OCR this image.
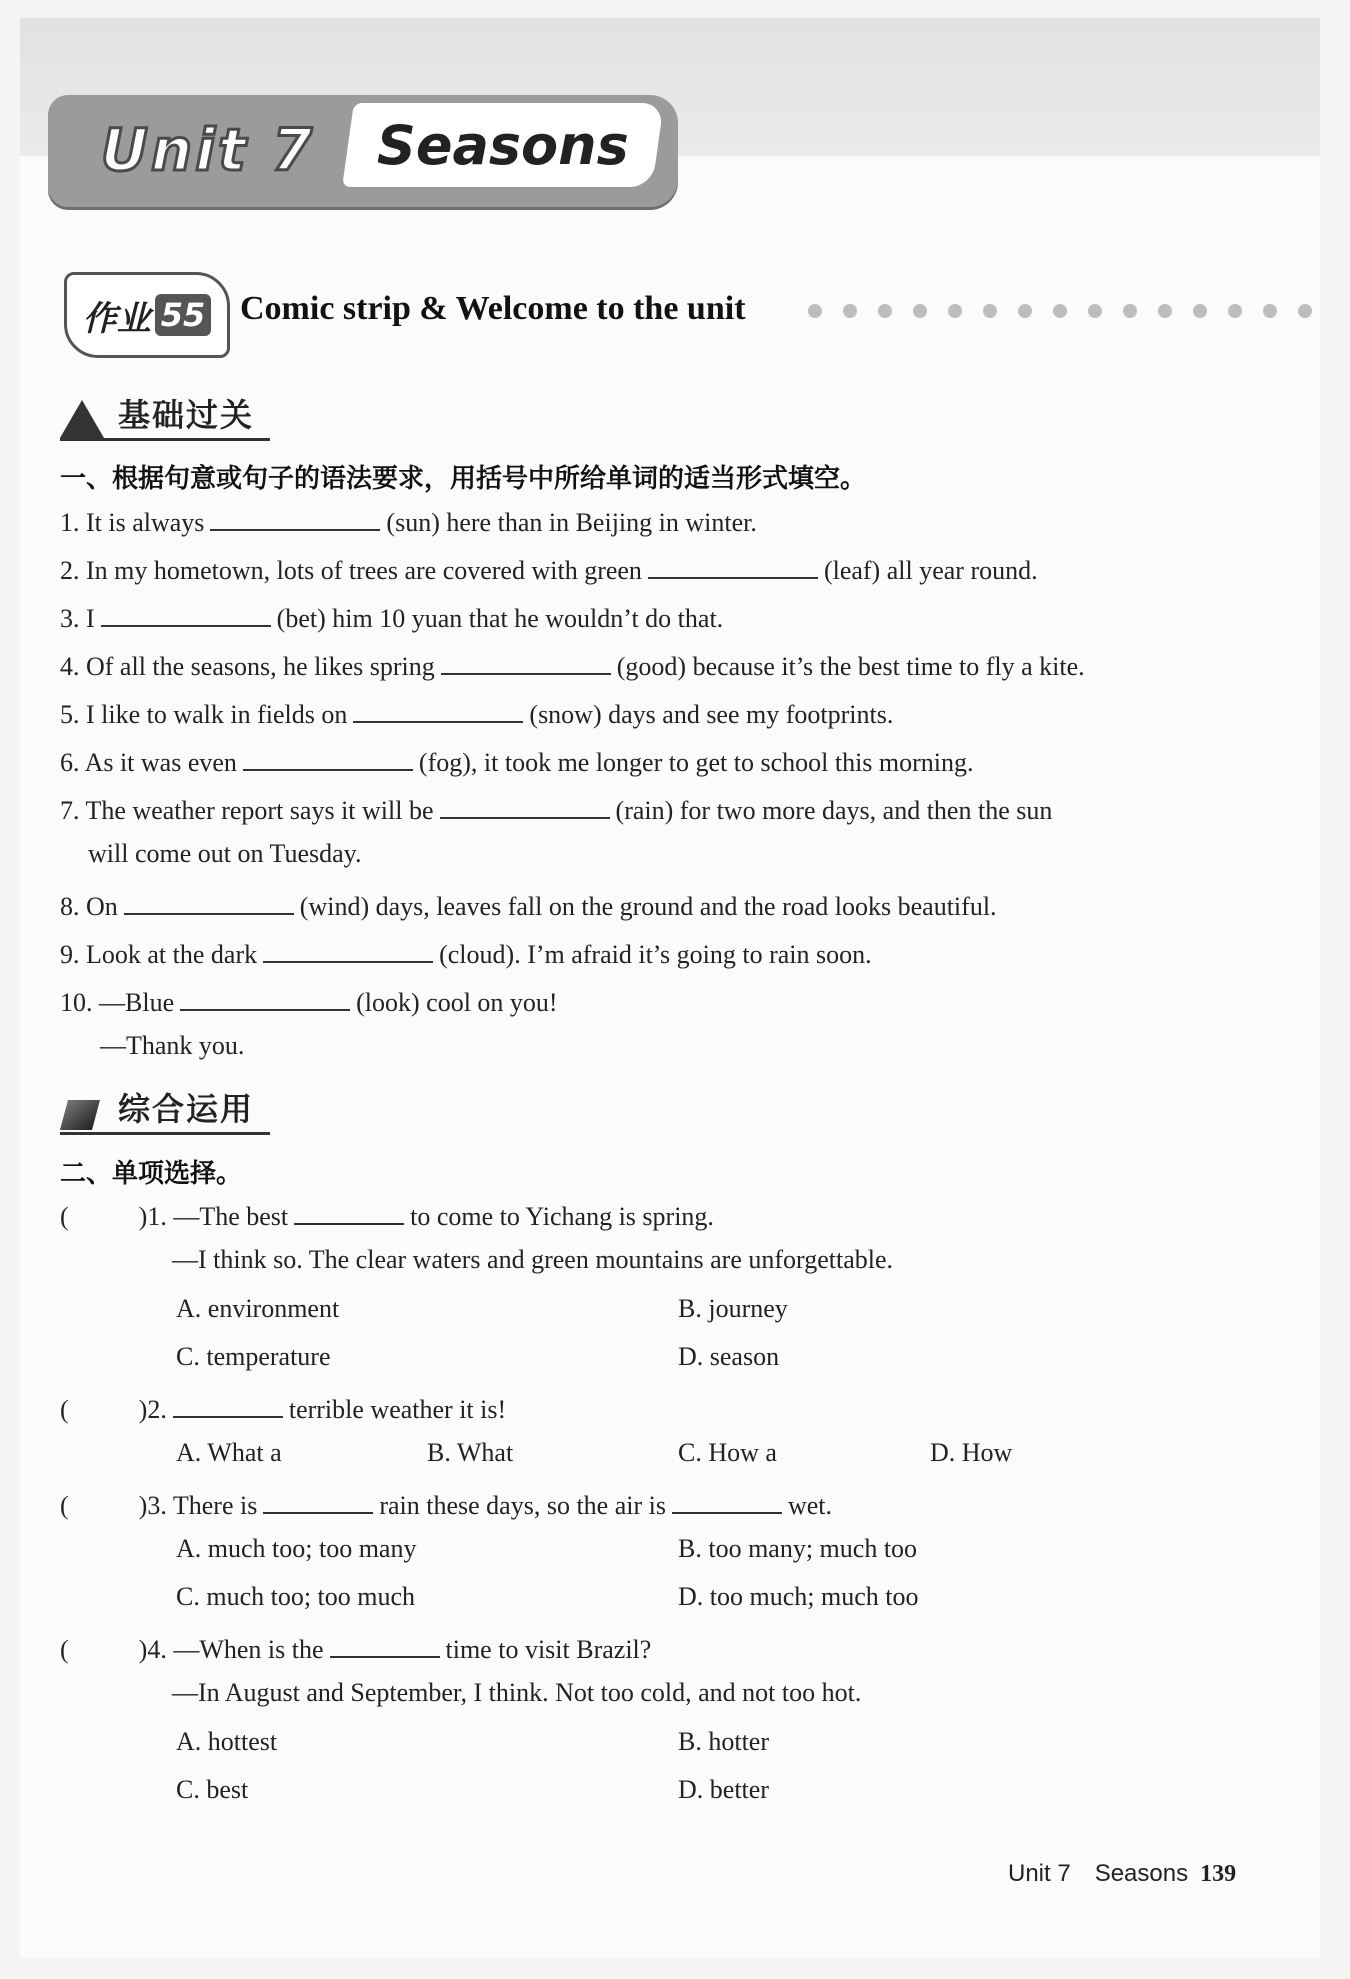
Unit 7	Seasons
作业 55 Comic strip & Welcome to the unit
基础过关
一、根据句意或句子的语法要求，用括号中所给单词的适当形式填空。
1. It is always	(sun) here than in Beijing in winter.
2. In my hometown, lots of trees are covered with green	(leaf) all year round.
3. I	(bet) him 10 yuan that he wouldn’t do that.
4. Of all the seasons, he likes spring	(good) because it’s the best time to fly a kite.
5. I like to walk in fields on	(snow) days and see my footprints.
6. As it was even	(fog), it took me longer to get to school this morning.
7. The weather report says it will be	(rain) for two more days, and then the sun
will come out on Tuesday.
8. On	(wind) days, leaves fall on the ground and the road looks beautiful.
9. Look at the dark	(cloud). I’m afraid it’s going to rain soon.
10. —Blue	(look) cool on you!
—Thank you.
综合运用
二、单项选择。
(	)1. —The best	to come to Yichang is spring.
—I think so. The clear waters and green mountains are unforgettable.
A. environment	B. journey
C. temperature	D. season
(	)2.	terrible weather it is!
A. What a	B. What	C. How a	D. How
(	)3. There is	rain these days, so the air is	wet.
A. much too; too many	B. too many; much too
C. much too; too much	D. too much; much too
(	)4. —When is the	time to visit Brazil?
—In August and September, I think. Not too cold, and not too hot.
A. hottest	B. hotter
C. best	D. better
Unit 7 Seasons 139
